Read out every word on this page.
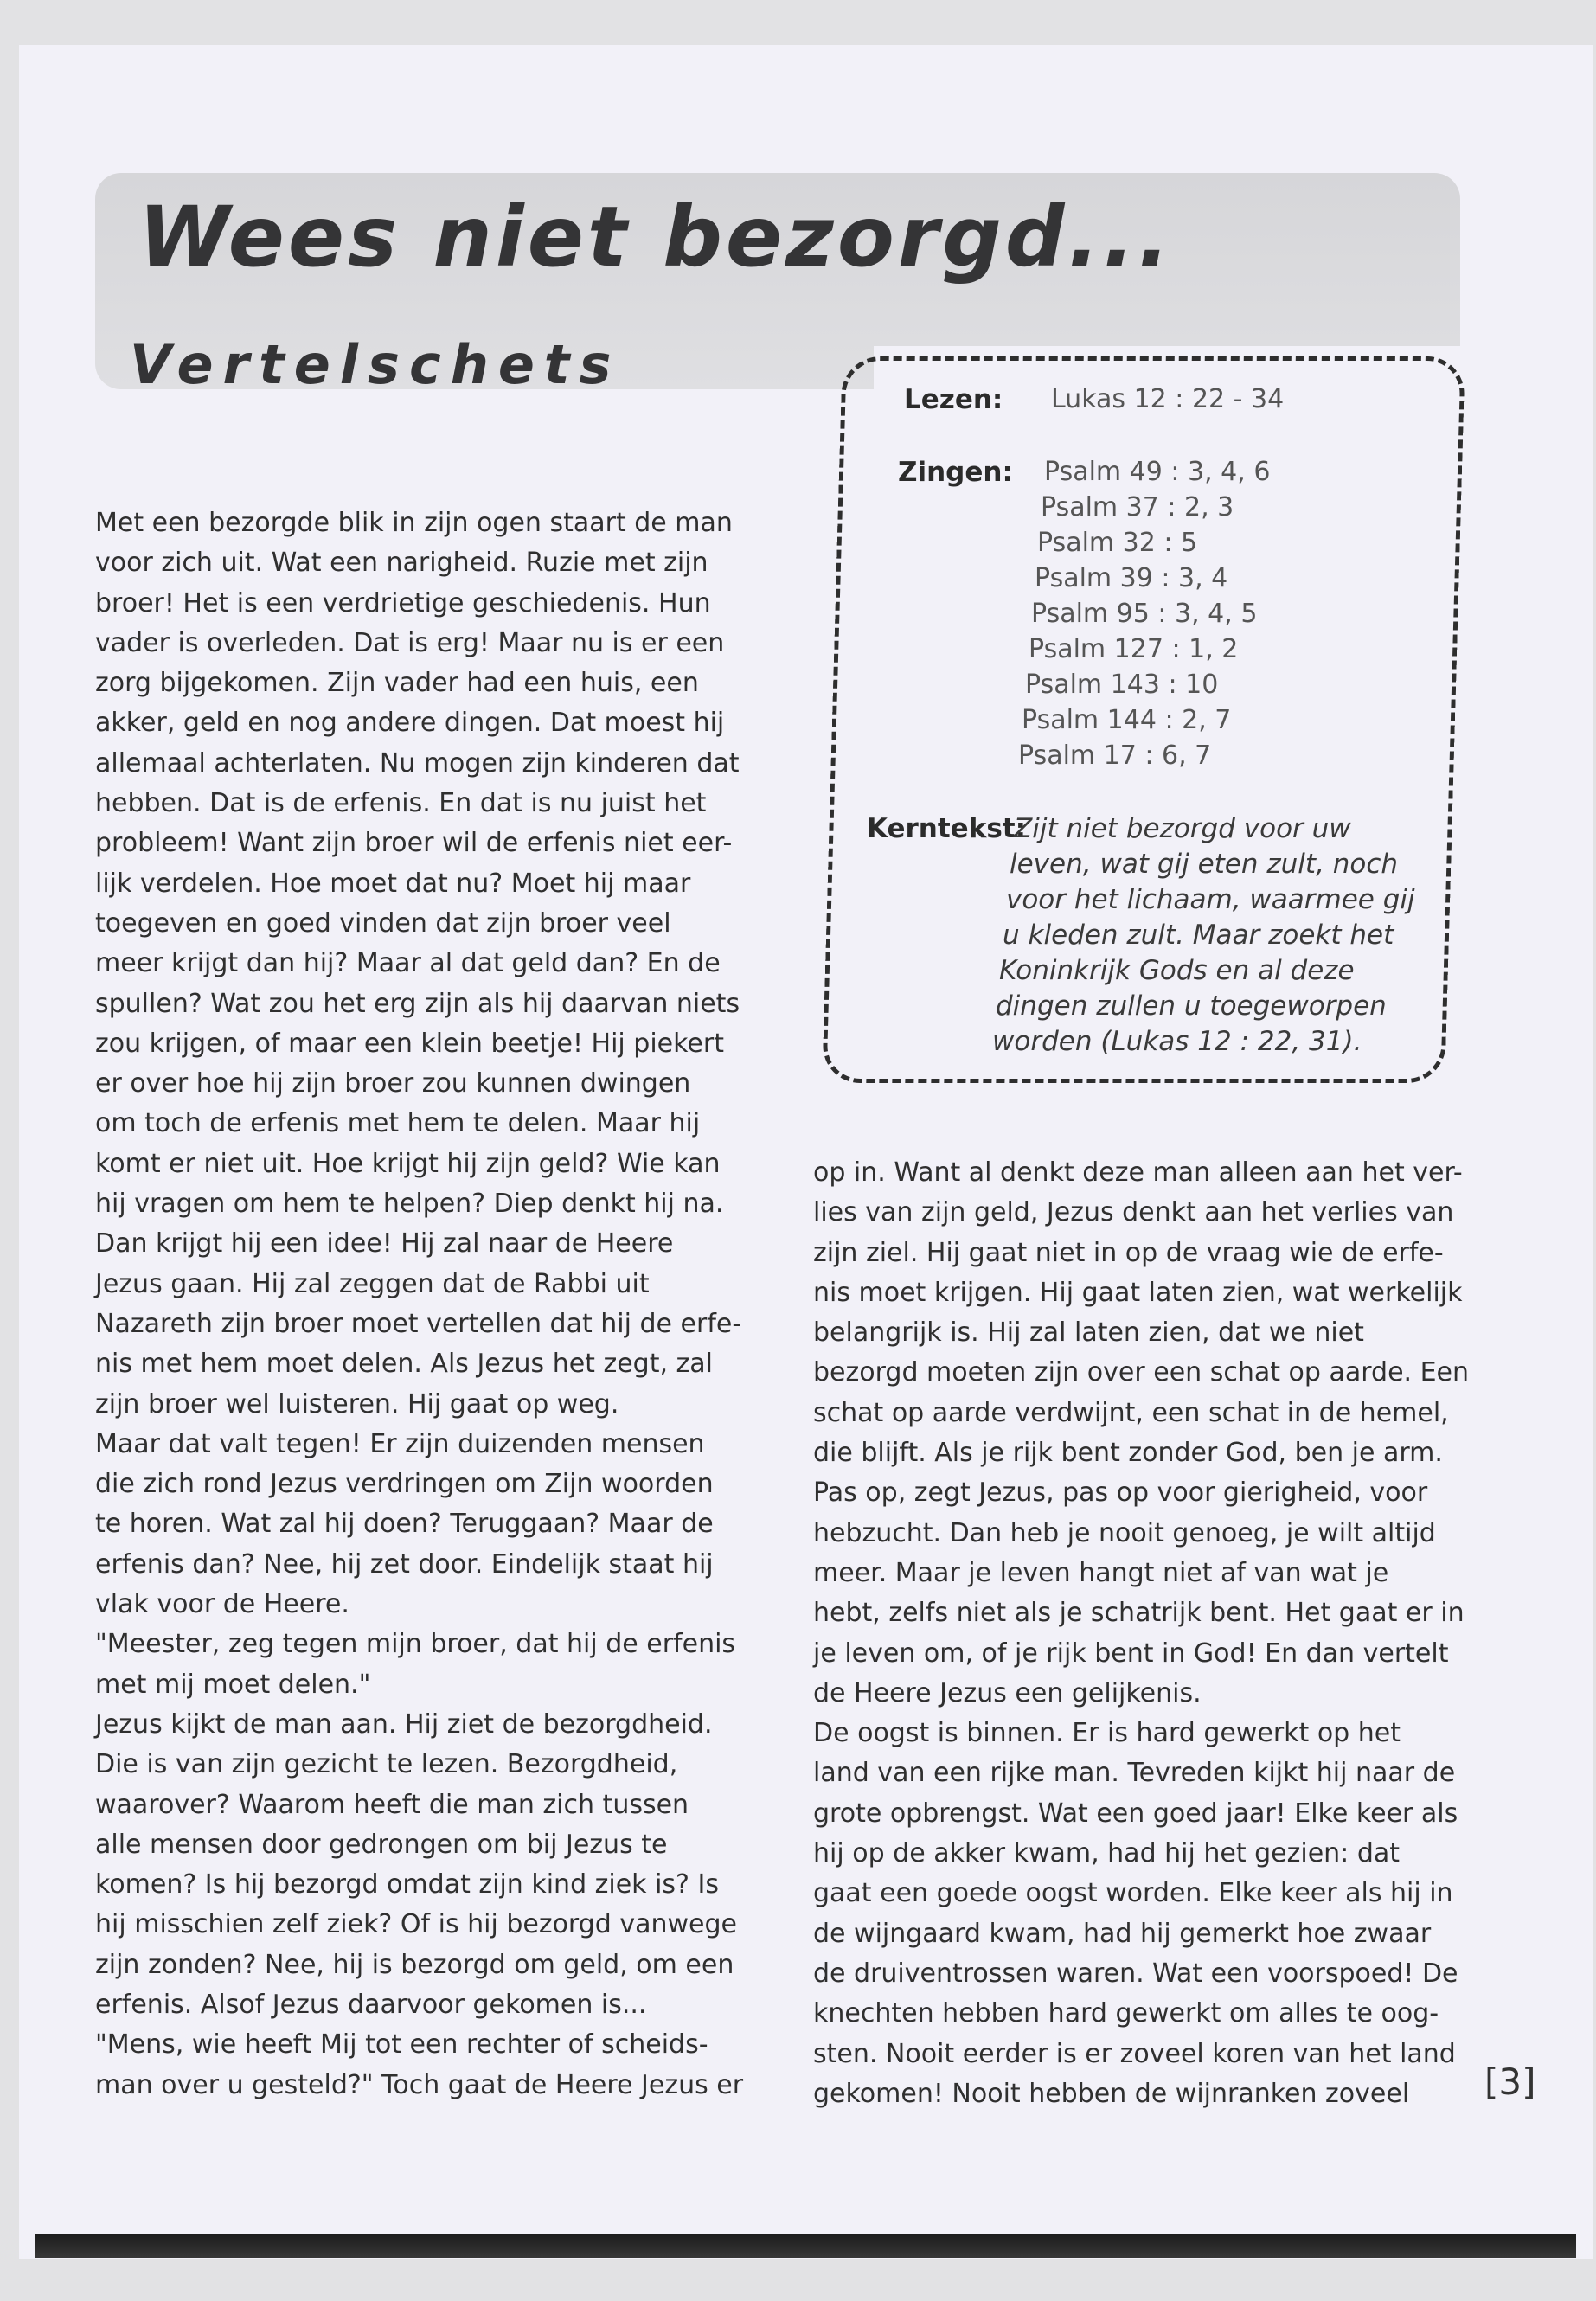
Wees niet bezorgd...
Vertelschets
Lezen: Lukas 12 : 22 - 34
Zingen: Psalm 49 : 3, 4, 6
Psalm 37 : 2, 3
Psalm 32 : 5
Psalm 39 : 3, 4
Psalm 95 : 3, 4, 5
Psalm 127 : 1, 2
Psalm 143 : 10
Psalm 144 : 2, 7
Psalm 17 : 6, 7
Kerntekst:
Zijt niet bezorgd voor uw
leven, wat gij eten zult, noch
voor het lichaam, waarmee gij
u kleden zult. Maar zoekt het
Koninkrijk Gods en al deze
dingen zullen u toegeworpen
worden (Lukas 12 : 22, 31).

Met een bezorgde blik in zijn ogen staart de man

voor zich uit. Wat een narigheid. Ruzie met zijn

broer! Het is een verdrietige geschiedenis. Hun

vader is overleden. Dat is erg! Maar nu is er een

zorg bijgekomen. Zijn vader had een huis, een

akker, geld en nog andere dingen. Dat moest hij

allemaal achterlaten. Nu mogen zijn kinderen dat

hebben. Dat is de erfenis. En dat is nu juist het

probleem! Want zijn broer wil de erfenis niet eer-

lijk verdelen. Hoe moet dat nu? Moet hij maar

toegeven en goed vinden dat zijn broer veel

meer krijgt dan hij? Maar al dat geld dan? En de

spullen? Wat zou het erg zijn als hij daarvan niets

zou krijgen, of maar een klein beetje! Hij piekert

er over hoe hij zijn broer zou kunnen dwingen

om toch de erfenis met hem te delen. Maar hij

komt er niet uit. Hoe krijgt hij zijn geld? Wie kan

hij vragen om hem te helpen? Diep denkt hij na.

Dan krijgt hij een idee! Hij zal naar de Heere

Jezus gaan. Hij zal zeggen dat de Rabbi uit

Nazareth zijn broer moet vertellen dat hij de erfe-

nis met hem moet delen. Als Jezus het zegt, zal

zijn broer wel luisteren. Hij gaat op weg.

Maar dat valt tegen! Er zijn duizenden mensen

die zich rond Jezus verdringen om Zijn woorden

te horen. Wat zal hij doen? Teruggaan? Maar de

erfenis dan? Nee, hij zet door. Eindelijk staat hij

vlak voor de Heere.

"Meester, zeg tegen mijn broer, dat hij de erfenis

met mij moet delen."

Jezus kijkt de man aan. Hij ziet de bezorgdheid.

Die is van zijn gezicht te lezen. Bezorgdheid,

waarover? Waarom heeft die man zich tussen

alle mensen door gedrongen om bij Jezus te

komen? Is hij bezorgd omdat zijn kind ziek is? Is

hij misschien zelf ziek? Of is hij bezorgd vanwege

zijn zonden? Nee, hij is bezorgd om geld, om een

erfenis. Alsof Jezus daarvoor gekomen is...

"Mens, wie heeft Mij tot een rechter of scheids-

man over u gesteld?" Toch gaat de Heere Jezus er

op in. Want al denkt deze man alleen aan het ver-

lies van zijn geld, Jezus denkt aan het verlies van

zijn ziel. Hij gaat niet in op de vraag wie de erfe-

nis moet krijgen. Hij gaat laten zien, wat werkelijk

belangrijk is. Hij zal laten zien, dat we niet

bezorgd moeten zijn over een schat op aarde. Een

schat op aarde verdwijnt, een schat in de hemel,

die blijft. Als je rijk bent zonder God, ben je arm.

Pas op, zegt Jezus, pas op voor gierigheid, voor

hebzucht. Dan heb je nooit genoeg, je wilt altijd

meer. Maar je leven hangt niet af van wat je

hebt, zelfs niet als je schatrijk bent. Het gaat er in

je leven om, of je rijk bent in God! En dan vertelt

de Heere Jezus een gelijkenis.

De oogst is binnen. Er is hard gewerkt op het

land van een rijke man. Tevreden kijkt hij naar de

grote opbrengst. Wat een goed jaar! Elke keer als

hij op de akker kwam, had hij het gezien: dat

gaat een goede oogst worden. Elke keer als hij in

de wijngaard kwam, had hij gemerkt hoe zwaar

de druiventrossen waren. Wat een voorspoed! De

knechten hebben hard gewerkt om alles te oog-

sten. Nooit eerder is er zoveel koren van het land

gekomen! Nooit hebben de wijnranken zoveel	[3]
